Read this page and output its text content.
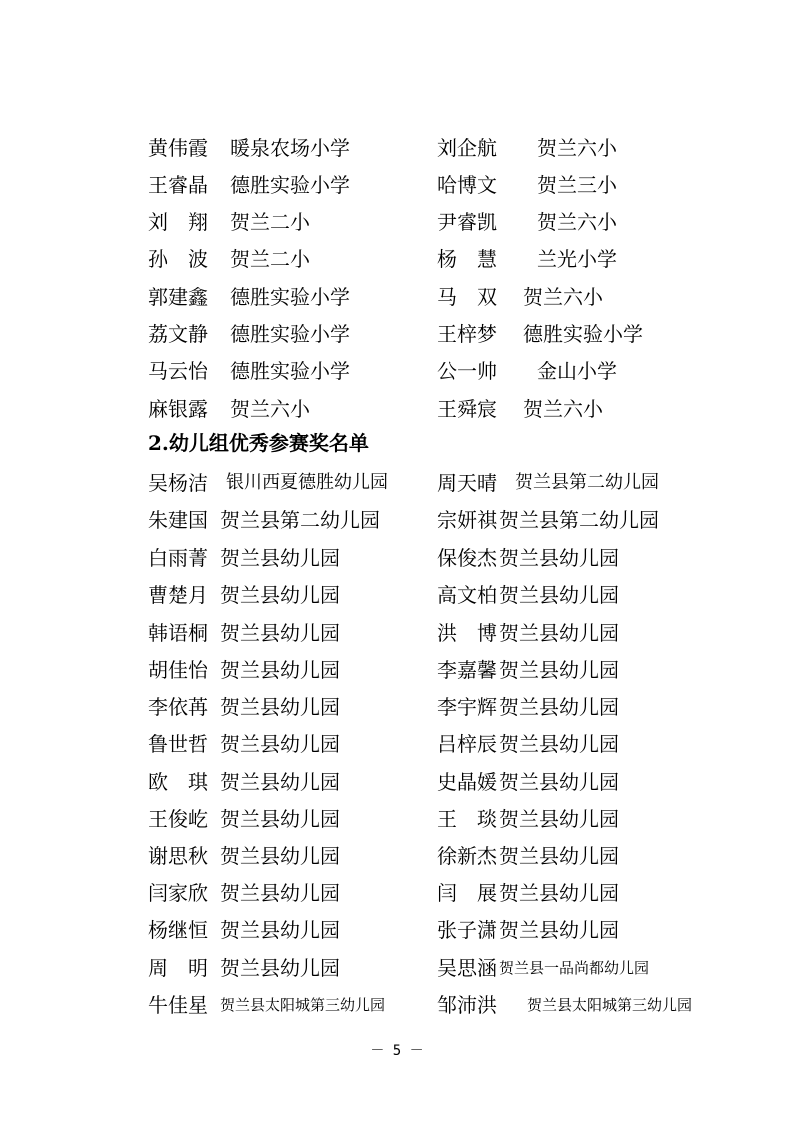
黄伟霞 暖泉农场小学
王睿晶 德胜实验小学
刘　翔 贺兰二小
孙　波 贺兰二小
郭建鑫 德胜实验小学
荔文静 德胜实验小学
马云怡 德胜实验小学
麻银露 贺兰六小
刘企航 贺兰六小
哈博文 贺兰三小
尹睿凯 贺兰六小
杨　慧 兰光小学
马　双 贺兰六小
王梓梦 德胜实验小学
公一帅 金山小学
王舜宸 贺兰六小
2.幼儿组优秀参赛奖名单
吴杨洁 银川西夏德胜幼儿园
朱建国 贺兰县第二幼儿园
白雨菁 贺兰县幼儿园
曹楚月 贺兰县幼儿园
韩语桐 贺兰县幼儿园
胡佳怡 贺兰县幼儿园
李依苒 贺兰县幼儿园
鲁世哲 贺兰县幼儿园
欧　琪 贺兰县幼儿园
王俊屹 贺兰县幼儿园
谢思秋 贺兰县幼儿园
闫家欣 贺兰县幼儿园
杨继恒 贺兰县幼儿园
周　明 贺兰县幼儿园
牛佳星 贺兰县太阳城第三幼儿园
周天晴 贺兰县第二幼儿园
宗妍祺 贺兰县第二幼儿园
保俊杰 贺兰县幼儿园
高文柏 贺兰县幼儿园
洪　博 贺兰县幼儿园
李嘉馨 贺兰县幼儿园
李宇辉 贺兰县幼儿园
吕梓辰 贺兰县幼儿园
史晶媛 贺兰县幼儿园
王　琰 贺兰县幼儿园
徐新杰 贺兰县幼儿园
闫　展 贺兰县幼儿园
张子潇 贺兰县幼儿园
吴思涵 贺兰县一品尚都幼儿园
邹沛洪 贺兰县太阳城第三幼儿园
－ 5 －
